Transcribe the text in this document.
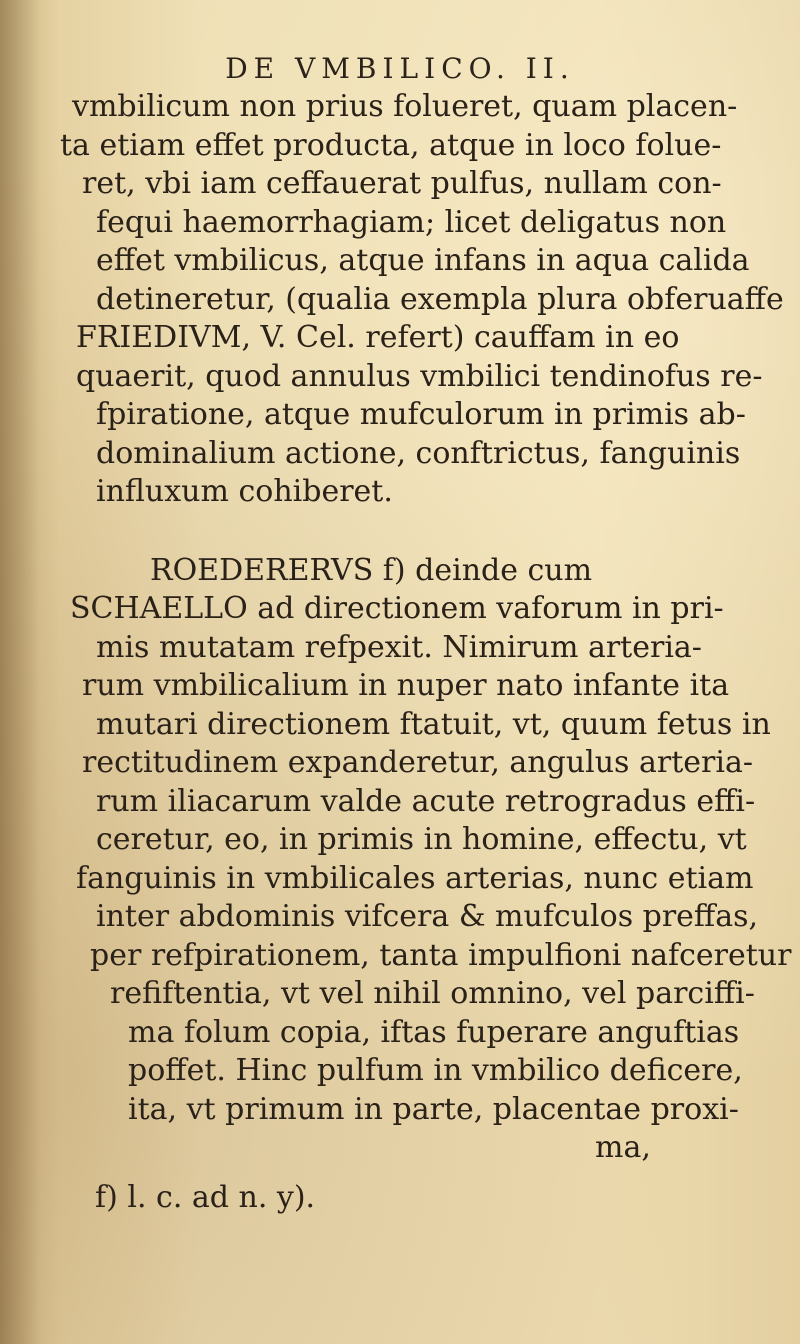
DE VMBILICO. II.
vmbilicum non prius folueret, quam placen-
ta etiam effet producta, atque in loco folue-
ret, vbi iam ceffauerat pulfus, nullam con-
fequi haemorrhagiam; licet deligatus non
effet vmbilicus, atque infans in aqua calida
detineretur, (qualia exempla plura obferuaffe
FRIEDIVM, V. Cel. refert) cauffam in eo
quaerit, quod annulus vmbilici tendinofus re-
fpiratione, atque mufculorum in primis ab-
dominalium actione, conftrictus, fanguinis
influxum cohiberet.
ROEDERERVS f) deinde cum
SCHAELLO ad directionem vaforum in pri-
mis mutatam refpexit. Nimirum arteria-
rum vmbilicalium in nuper nato infante ita
mutari directionem ftatuit, vt, quum fetus in
rectitudinem expanderetur, angulus arteria-
rum iliacarum valde acute retrogradus effi-
ceretur, eo, in primis in homine, effectu, vt
fanguinis in vmbilicales arterias, nunc etiam
inter abdominis vifcera & mufculos preffas,
per refpirationem, tanta impulfioni nafceretur
refiftentia, vt vel nihil omnino, vel parciffi-
ma folum copia, iftas fuperare anguftias
poffet. Hinc pulfum in vmbilico deficere,
ita, vt primum in parte, placentae proxi-
ma,
f) l. c. ad n. y).
